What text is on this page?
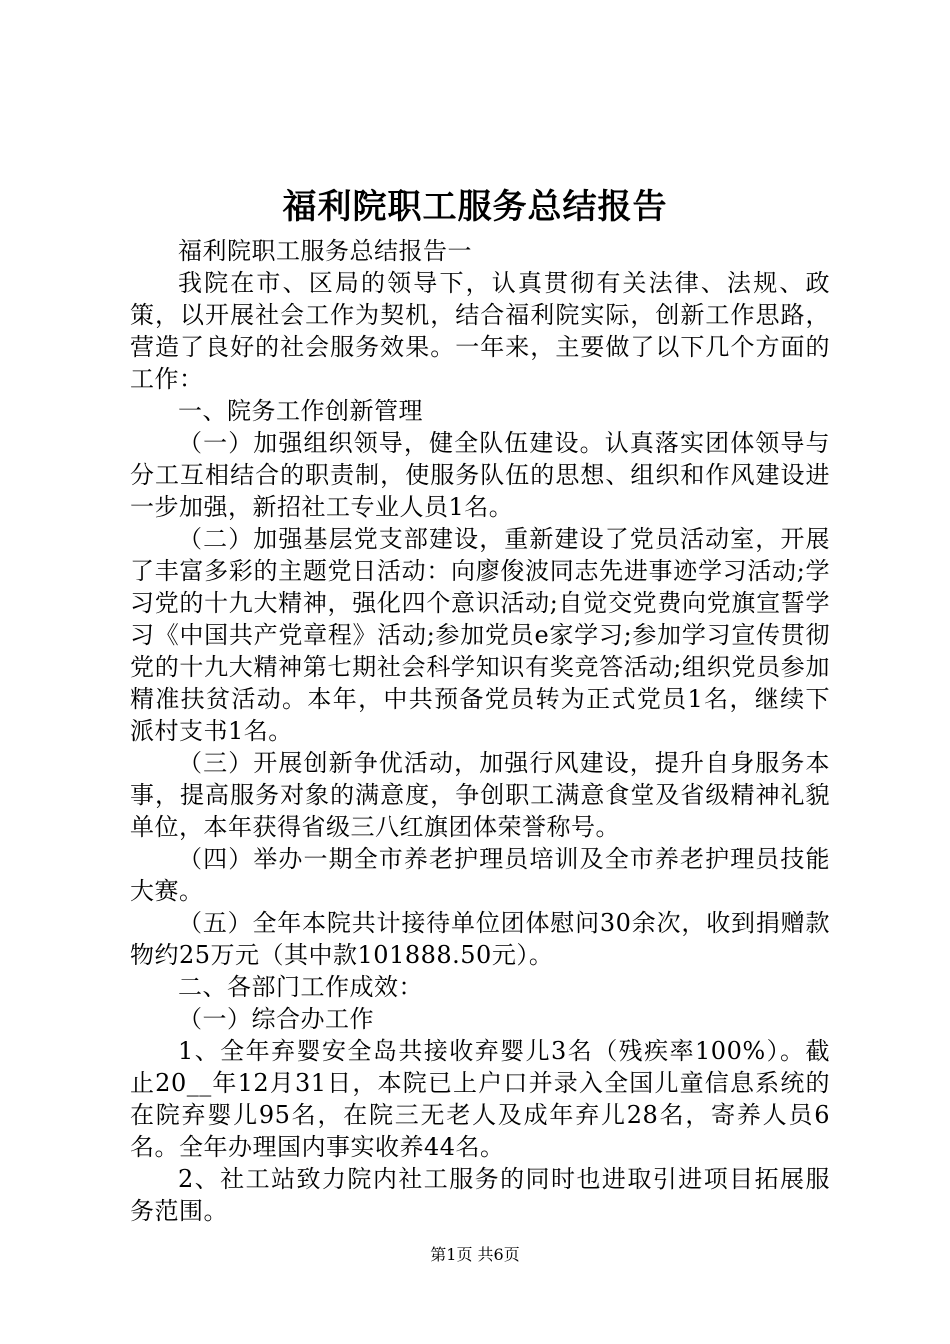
福利院职工服务总结报告

福利院职工服务总结报告一

我院在市、区局的领导下，认真贯彻有关法律、法规、政策，以开展社会工作为契机，结合福利院实际，创新工作思路，营造了良好的社会服务效果。一年来，主要做了以下几个方面的工作：

一、院务工作创新管理

（一）加强组织领导，健全队伍建设。认真落实团体领导与分工互相结合的职责制，使服务队伍的思想、组织和作风建设进一步加强，新招社工专业人员1名。

（二）加强基层党支部建设，重新建设了党员活动室，开展了丰富多彩的主题党日活动：向廖俊波同志先进事迹学习活动;学习党的十九大精神，强化四个意识活动;自觉交党费向党旗宣誓学习《中国共产党章程》活动;参加党员e家学习;参加学习宣传贯彻党的十九大精神第七期社会科学知识有奖竞答活动;组织党员参加精准扶贫活动。本年，中共预备党员转为正式党员1名，继续下派村支书1名。

（三）开展创新争优活动，加强行风建设，提升自身服务本事，提高服务对象的满意度，争创职工满意食堂及省级精神礼貌单位，本年获得省级三八红旗团体荣誉称号。

（四）举办一期全市养老护理员培训及全市养老护理员技能大赛。

（五）全年本院共计接待单位团体慰问30余次，收到捐赠款物约25万元（其中款101888.50元）。

二、各部门工作成效：

（一）综合办工作

1、全年弃婴安全岛共接收弃婴儿3名（残疾率100%）。截止20__年12月31日，本院已上户口并录入全国儿童信息系统的在院弃婴儿95名，在院三无老人及成年弃儿28名，寄养人员6名。全年办理国内事实收养44名。

2、社工站致力院内社工服务的同时也进取引进项目拓展服务范围。

第1页 共6页
